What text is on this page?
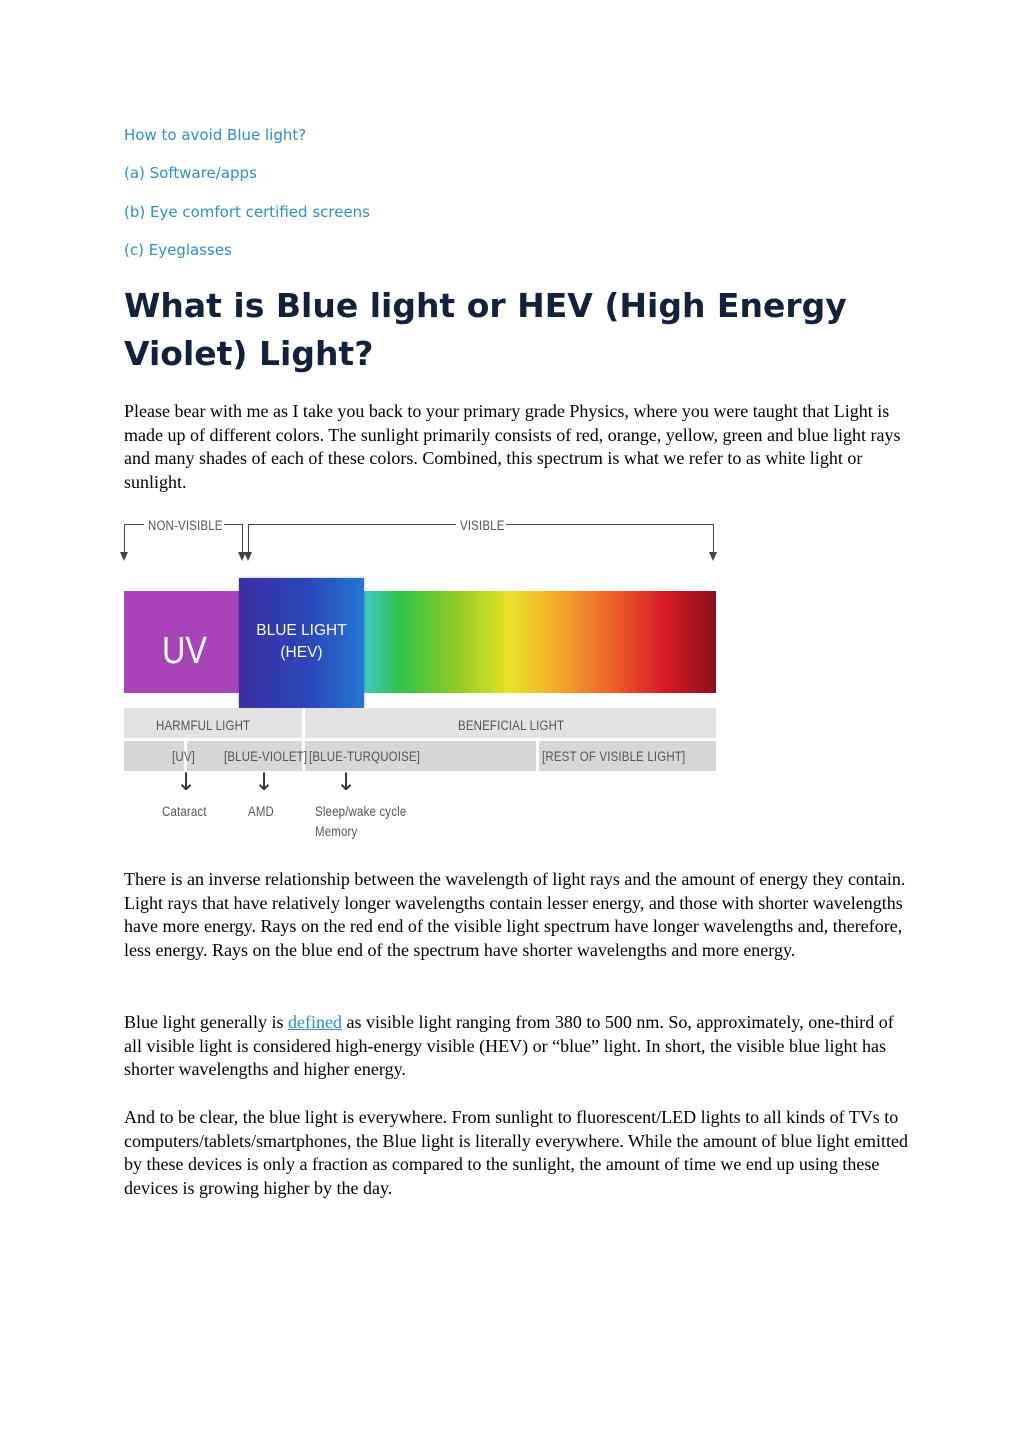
How to avoid Blue light?

(a) Software/apps

(b) Eye comfort certified screens

(c) Eyeglasses

What is Blue light or HEV (High Energy Violet) Light?

Please bear with me as I take you back to your primary grade Physics, where you were taught that Light is made up of different colors. The sunlight primarily consists of red, orange, yellow, green and blue light rays and many shades of each of these colors. Combined, this spectrum is what we refer to as white light or sunlight.

NON-VISIBLE	VISIBLE
UV	BLUE LIGHT
(HEV)
HARMFUL LIGHT	BENEFICIAL LIGHT
[UV] [BLUE-VIOLET] [BLUE-TURQUOISE]	[REST OF VISIBLE LIGHT]
↓ ↓	↓
Cataract	AMD	Sleep/wake cycle
Memory

There is an inverse relationship between the wavelength of light rays and the amount of energy they contain. Light rays that have relatively longer wavelengths contain lesser energy, and those with shorter wavelengths have more energy. Rays on the red end of the visible light spectrum have longer wavelengths and, therefore, less energy. Rays on the blue end of the spectrum have shorter wavelengths and more energy.

Blue light generally is defined as visible light ranging from 380 to 500 nm. So, approximately, one-third of all visible light is considered high-energy visible (HEV) or “blue” light. In short, the visible blue light has shorter wavelengths and higher energy.

And to be clear, the blue light is everywhere. From sunlight to fluorescent/LED lights to all kinds of TVs to computers/tablets/smartphones, the Blue light is literally everywhere. While the amount of blue light emitted by these devices is only a fraction as compared to the sunlight, the amount of time we end up using these devices is growing higher by the day.
